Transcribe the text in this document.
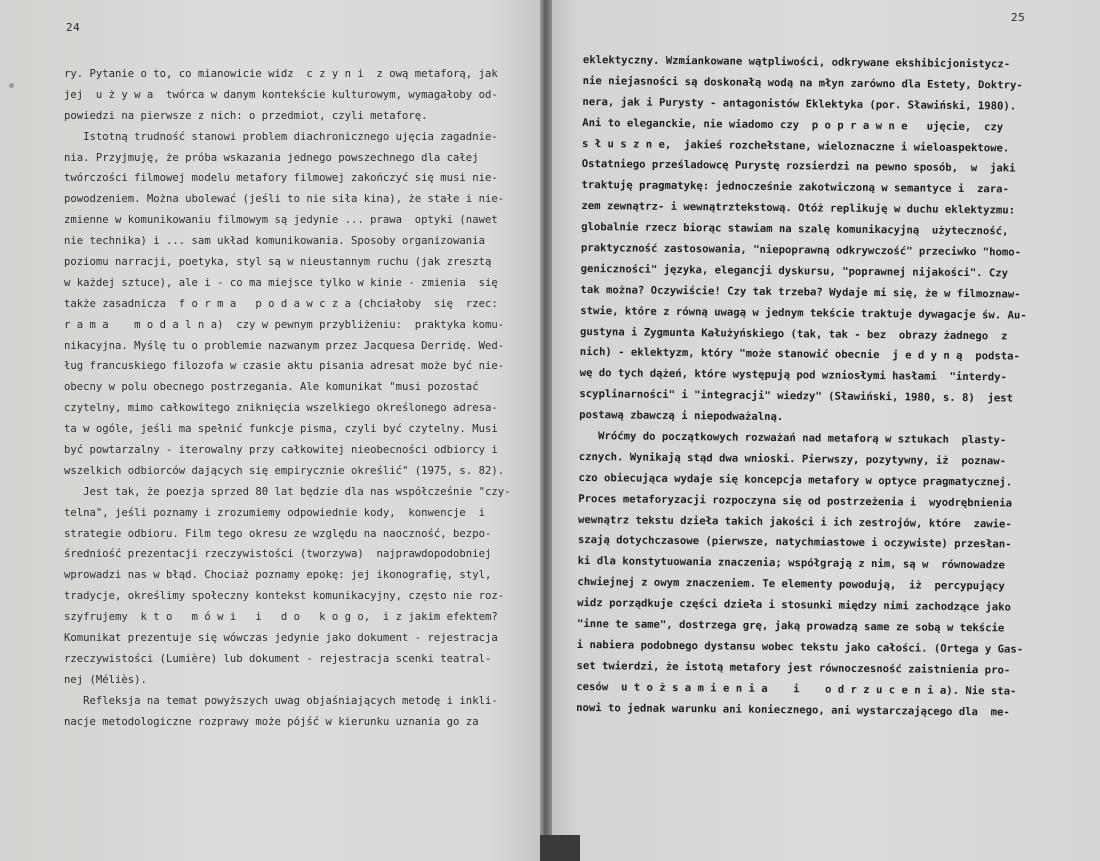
24
ry. Pytanie o to, co mianowicie widz  c z y n i  z ową metaforą, jak
jej  u ż y w a  twórca w danym kontekście kulturowym, wymagałoby od-
powiedzi na pierwsze z nich: o przedmiot, czyli metaforę.
Istotną trudność stanowi problem diachronicznego ujęcia zagadnie-
nia. Przyjmuję, że próba wskazania jednego powszechnego dla całej
twórczości filmowej modelu metafory filmowej zakończyć się musi nie-
powodzeniem. Można ubolewać (jeśli to nie siła kina), że stałe i nie-
zmienne w komunikowaniu filmowym są jedynie ... prawa  optyki (nawet
nie technika) i ... sam układ komunikowania. Sposoby organizowania
poziomu narracji, poetyka, styl są w nieustannym ruchu (jak zresztą
w każdej sztuce), ale i - co ma miejsce tylko w kinie - zmienia  się
także zasadnicza  f o r m a   p o d a w c z a (chciałoby  się  rzec:
r a m a    m o d a l n a)  czy w pewnym przybliżeniu:  praktyka komu-
nikacyjna. Myślę tu o problemie nazwanym przez Jacquesa Derridę. Wed-
ług francuskiego filozofa w czasie aktu pisania adresat może być nie-
obecny w polu obecnego postrzegania. Ale komunikat "musi pozostać
czytelny, mimo całkowitego zniknięcia wszelkiego określonego adresa-
ta w ogóle, jeśli ma spełnić funkcje pisma, czyli być czytelny. Musi
być powtarzalny - iterowalny przy całkowitej nieobecności odbiorcy i
wszelkich odbiorców dających się empirycznie określić" (1975, s. 82).
Jest tak, że poezja sprzed 80 lat będzie dla nas współcześnie "czy-
telna", jeśli poznamy i zrozumiemy odpowiednie kody,  konwencje  i
strategie odbioru. Film tego okresu ze względu na naoczność, bezpo-
średniość prezentacji rzeczywistości (tworzywa)  najprawdopodobniej
wprowadzi nas w błąd. Chociaż poznamy epokę: jej ikonografię, styl,
tradycje, określimy społeczny kontekst komunikacyjny, często nie roz-
szyfrujemy  k t o   m ó w i   i   d o   k o g o,  i z jakim efektem?
Komunikat prezentuje się wówczas jedynie jako dokument - rejestracja
rzeczywistości (Lumière) lub dokument - rejestracja scenki teatral-
nej (Méliès).
Refleksja na temat powyższych uwag objaśniających metodę i inkli-
nacje metodologiczne rozprawy może pójść w kierunku uznania go za
25
eklektyczny. Wzmiankowane wątpliwości, odkrywane ekshibicjonistycz-
nie niejasności są doskonałą wodą na młyn zarówno dla Estety, Doktry-
nera, jak i Purysty - antagonistów Eklektyka (por. Sławiński, 1980).
Ani to eleganckie, nie wiadomo czy  p o p r a w n e   ujęcie,  czy
s ł u s z n e,  jakieś rozchełstane, wieloznaczne i wieloaspektowe.
Ostatniego prześladowcę Purystę rozsierdzi na pewno sposób,  w  jaki
traktuję pragmatykę: jednocześnie zakotwiczoną w semantyce i  zara-
zem zewnątrz- i wewnątrztekstową. Otóż replikuję w duchu eklektyzmu:
globalnie rzecz biorąc stawiam na szalę komunikacyjną  użyteczność,
praktyczność zastosowania, "niepoprawną odkrywczość" przeciwko "homo-
geniczności" języka, elegancji dyskursu, "poprawnej nijakości". Czy
tak można? Oczywiście! Czy tak trzeba? Wydaje mi się, że w filmoznaw-
stwie, które z równą uwagą w jednym tekście traktuje dywagacje św. Au-
gustyna i Zygmunta Kałużyńskiego (tak, tak - bez  obrazy żadnego  z
nich) - eklektyzm, który "może stanowić obecnie  j e d y n ą  podsta-
wę do tych dążeń, które występują pod wzniosłymi hasłami  "interdy-
scyplinarności" i "integracji" wiedzy" (Sławiński, 1980, s. 8)  jest
postawą zbawczą i niepodważalną.
Wróćmy do początkowych rozważań nad metaforą w sztukach  plasty-
cznych. Wynikają stąd dwa wnioski. Pierwszy, pozytywny, iż  poznaw-
czo obiecująca wydaje się koncepcja metafory w optyce pragmatycznej.
Proces metaforyzacji rozpoczyna się od postrzeżenia i  wyodrębnienia
wewnątrz tekstu dzieła takich jakości i ich zestrojów, które  zawie-
szają dotychczasowe (pierwsze, natychmiastowe i oczywiste) przesłan-
ki dla konstytuowania znaczenia; współgrają z nim, są w  równowadze
chwiejnej z owym znaczeniem. Te elementy powodują,  iż  percypujący
widz porządkuje części dzieła i stosunki między nimi zachodzące jako
"inne te same", dostrzega grę, jaką prowadzą same ze sobą w tekście
i nabiera podobnego dystansu wobec tekstu jako całości. (Ortega y Gas-
set twierdzi, że istotą metafory jest równoczesność zaistnienia pro-
cesów  u t o ż s a m i e n i a    i    o d r z u c e n i a). Nie sta-
nowi to jednak warunku ani koniecznego, ani wystarczającego dla  me-
